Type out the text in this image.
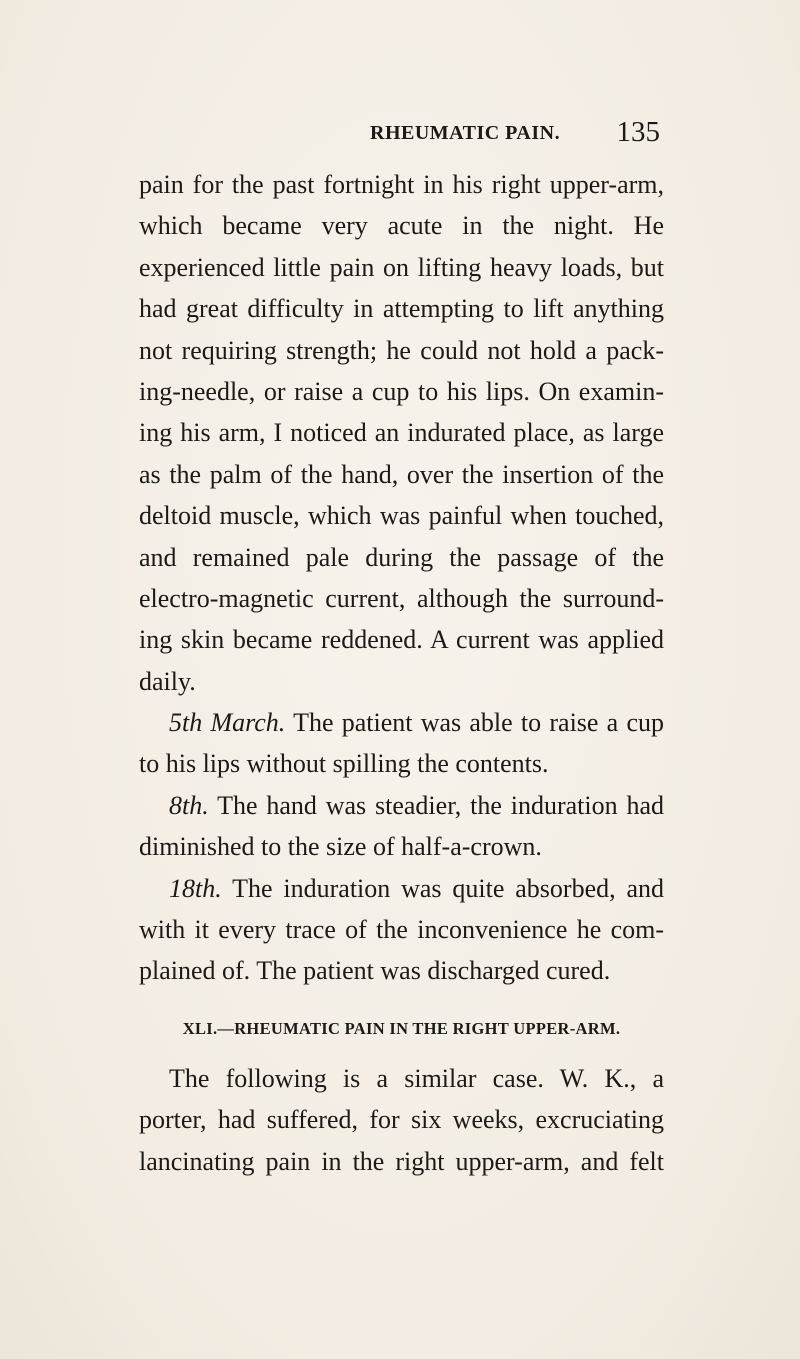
RHEUMATIC PAIN. 135
pain for the past fortnight in his right upper-arm,
which became very acute in the night. He
experienced little pain on lifting heavy loads, but
had great difficulty in attempting to lift anything
not requiring strength; he could not hold a pack-
ing-needle, or raise a cup to his lips. On examin-
ing his arm, I noticed an indurated place, as large
as the palm of the hand, over the insertion of the
deltoid muscle, which was painful when touched,
and remained pale during the passage of the
electro-magnetic current, although the surround-
ing skin became reddened. A current was applied
daily.
5th March. The patient was able to raise a cup
to his lips without spilling the contents.
8th. The hand was steadier, the induration had
diminished to the size of half-a-crown.
18th. The induration was quite absorbed, and
with it every trace of the inconvenience he com-
plained of. The patient was discharged cured.
XLI.—RHEUMATIC PAIN IN THE RIGHT UPPER-ARM.
The following is a similar case. W. K., a
porter, had suffered, for six weeks, excruciating
lancinating pain in the right upper-arm, and felt
